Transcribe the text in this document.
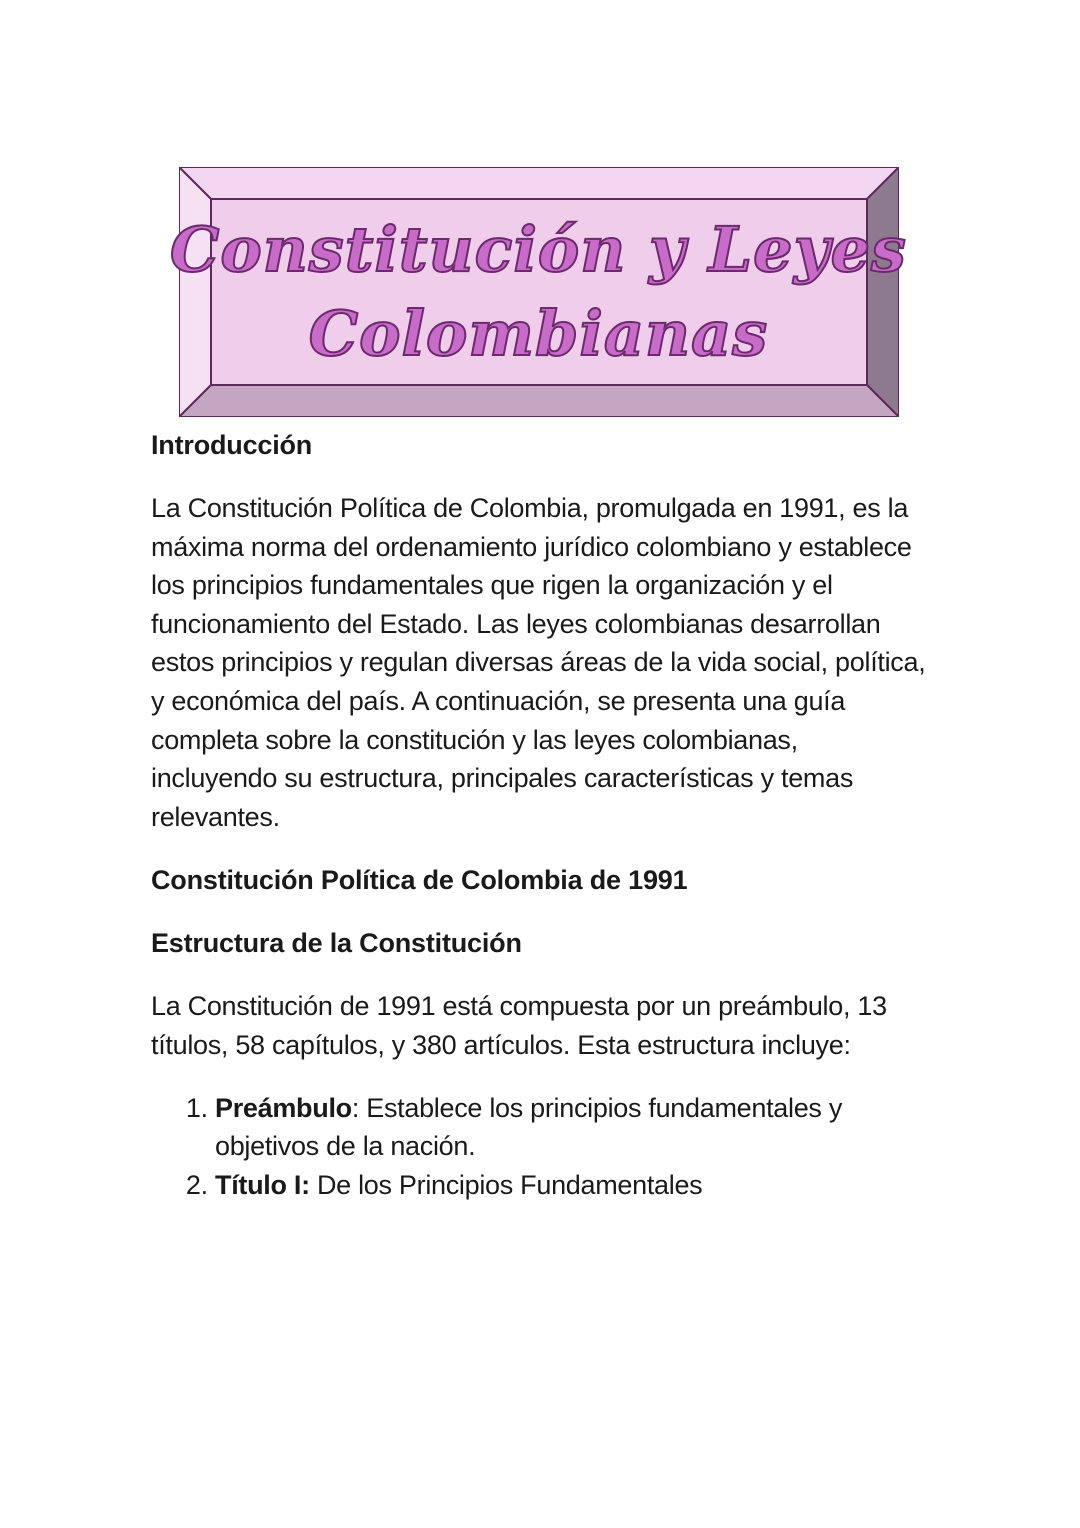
Constitución y Leyes
Colombianas
Introducción

La Constitución Política de Colombia, promulgada en 1991, es la máxima norma del ordenamiento jurídico colombiano y establece los principios fundamentales que rigen la organización y el funcionamiento del Estado. Las leyes colombianas desarrollan estos principios y regulan diversas áreas de la vida social, política, y económica del país. A continuación, se presenta una guía completa sobre la constitución y las leyes colombianas, incluyendo su estructura, principales características y temas relevantes.

Constitución Política de Colombia de 1991
Estructura de la Constitución

La Constitución de 1991 está compuesta por un preámbulo, 13 títulos, 58 capítulos, y 380 artículos. Esta estructura incluye:

1. Preámbulo: Establece los principios fundamentales y objetivos de la nación.
2. Título I: De los Principios Fundamentales
